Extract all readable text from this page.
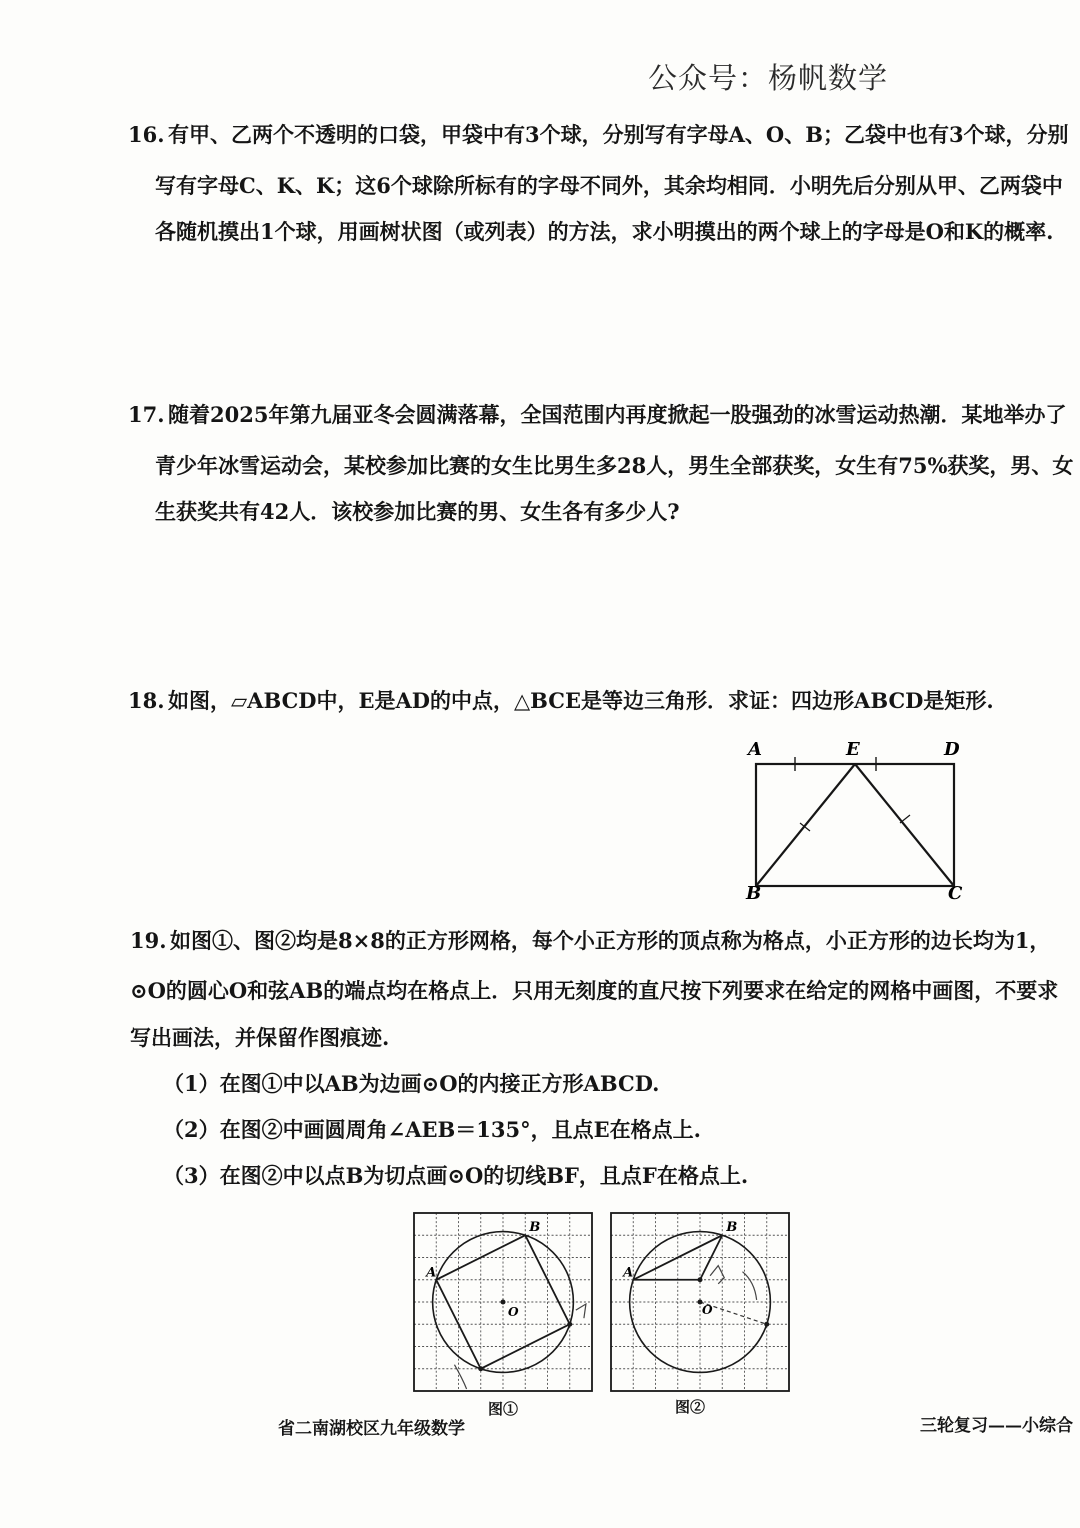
公众号：杨帆数学
16. 有甲、乙两个不透明的口袋，甲袋中有3个球，分别写有字母A、O、B；乙袋中也有3个球，分别
写有字母C、K、K；这6个球除所标有的字母不同外，其余均相同．小明先后分别从甲、乙两袋中
各随机摸出1个球，用画树状图（或列表）的方法，求小明摸出的两个球上的字母是O和K的概率.
17. 随着2025年第九届亚冬会圆满落幕，全国范围内再度掀起一股强劲的冰雪运动热潮．某地举办了
青少年冰雪运动会，某校参加比赛的女生比男生多28人，男生全部获奖，女生有75%获奖，男、女
生获奖共有42人．该校参加比赛的男、女生各有多少人?
18. 如图，▱ABCD中，E是AD的中点，△BCE是等边三角形．求证：四边形ABCD是矩形.
A	E	D
B	C
19. 如图①、图②均是8×8的正方形网格，每个小正方形的顶点称为格点，小正方形的边长均为1，
⊙O的圆心O和弦AB的端点均在格点上．只用无刻度的直尺按下列要求在给定的网格中画图，不要求
写出画法，并保留作图痕迹.
（1）在图①中以AB为边画⊙O的内接正方形ABCD.
（2）在图②中画圆周角∠AEB＝135°，且点E在格点上.
（3）在图②中以点B为切点画⊙O的切线BF，且点F在格点上.
A
B
O
A
B
O
图①	图②
省二南湖校区九年级数学	三轮复习——小综合
